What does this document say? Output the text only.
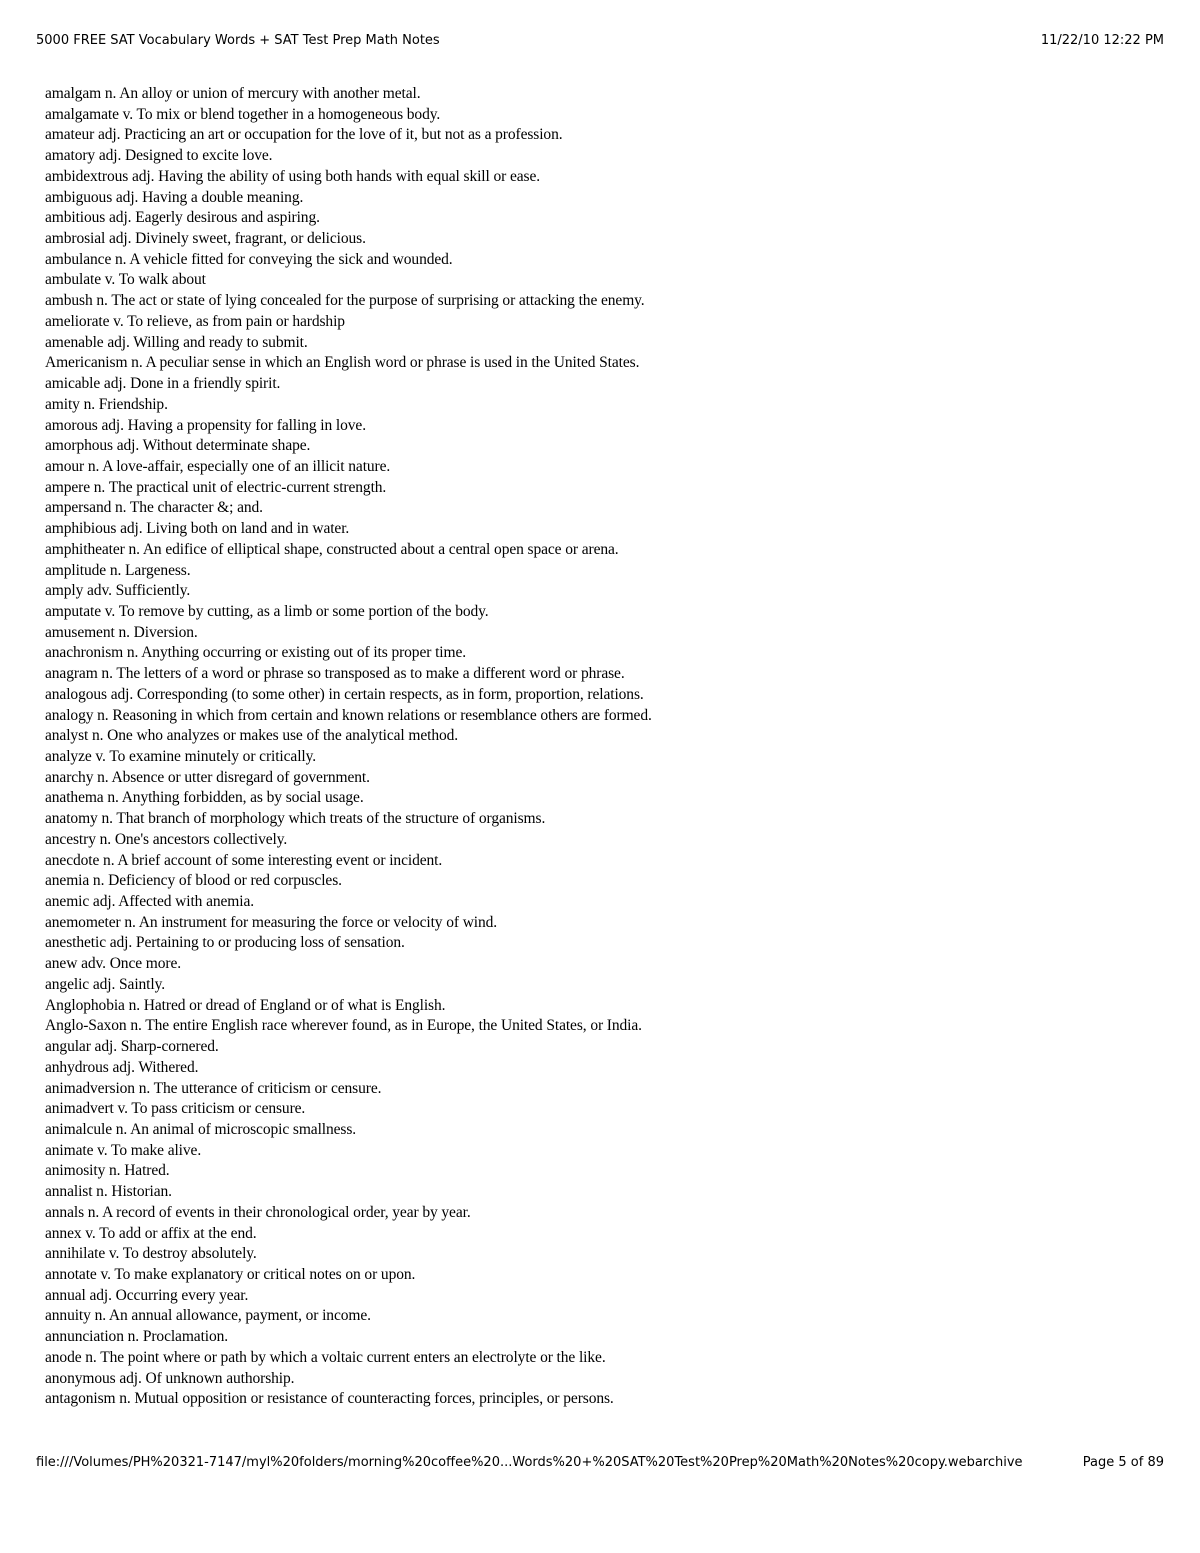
5000 FREE SAT Vocabulary Words + SAT Test Prep Math Notes	11/22/10 12:22 PM
amalgam n. An alloy or union of mercury with another metal.
amalgamate v. To mix or blend together in a homogeneous body.
amateur adj. Practicing an art or occupation for the love of it, but not as a profession.
amatory adj. Designed to excite love.
ambidextrous adj. Having the ability of using both hands with equal skill or ease.
ambiguous adj. Having a double meaning.
ambitious adj. Eagerly desirous and aspiring.
ambrosial adj. Divinely sweet, fragrant, or delicious.
ambulance n. A vehicle fitted for conveying the sick and wounded.
ambulate v. To walk about
ambush n. The act or state of lying concealed for the purpose of surprising or attacking the enemy.
ameliorate v. To relieve, as from pain or hardship
amenable adj. Willing and ready to submit.
Americanism n. A peculiar sense in which an English word or phrase is used in the United States.
amicable adj. Done in a friendly spirit.
amity n. Friendship.
amorous adj. Having a propensity for falling in love.
amorphous adj. Without determinate shape.
amour n. A love-affair, especially one of an illicit nature.
ampere n. The practical unit of electric-current strength.
ampersand n. The character &; and.
amphibious adj. Living both on land and in water.
amphitheater n. An edifice of elliptical shape, constructed about a central open space or arena.
amplitude n. Largeness.
amply adv. Sufficiently.
amputate v. To remove by cutting, as a limb or some portion of the body.
amusement n. Diversion.
anachronism n. Anything occurring or existing out of its proper time.
anagram n. The letters of a word or phrase so transposed as to make a different word or phrase.
analogous adj. Corresponding (to some other) in certain respects, as in form, proportion, relations.
analogy n. Reasoning in which from certain and known relations or resemblance others are formed.
analyst n. One who analyzes or makes use of the analytical method.
analyze v. To examine minutely or critically.
anarchy n. Absence or utter disregard of government.
anathema n. Anything forbidden, as by social usage.
anatomy n. That branch of morphology which treats of the structure of organisms.
ancestry n. One's ancestors collectively.
anecdote n. A brief account of some interesting event or incident.
anemia n. Deficiency of blood or red corpuscles.
anemic adj. Affected with anemia.
anemometer n. An instrument for measuring the force or velocity of wind.
anesthetic adj. Pertaining to or producing loss of sensation.
anew adv. Once more.
angelic adj. Saintly.
Anglophobia n. Hatred or dread of England or of what is English.
Anglo-Saxon n. The entire English race wherever found, as in Europe, the United States, or India.
angular adj. Sharp-cornered.
anhydrous adj. Withered.
animadversion n. The utterance of criticism or censure.
animadvert v. To pass criticism or censure.
animalcule n. An animal of microscopic smallness.
animate v. To make alive.
animosity n. Hatred.
annalist n. Historian.
annals n. A record of events in their chronological order, year by year.
annex v. To add or affix at the end.
annihilate v. To destroy absolutely.
annotate v. To make explanatory or critical notes on or upon.
annual adj. Occurring every year.
annuity n. An annual allowance, payment, or income.
annunciation n. Proclamation.
anode n. The point where or path by which a voltaic current enters an electrolyte or the like.
anonymous adj. Of unknown authorship.
antagonism n. Mutual opposition or resistance of counteracting forces, principles, or persons.
file:///Volumes/PH%20321-7147/myl%20folders/morning%20coffee%20...Words%20+%20SAT%20Test%20Prep%20Math%20Notes%20copy.webarchive	Page 5 of 89
